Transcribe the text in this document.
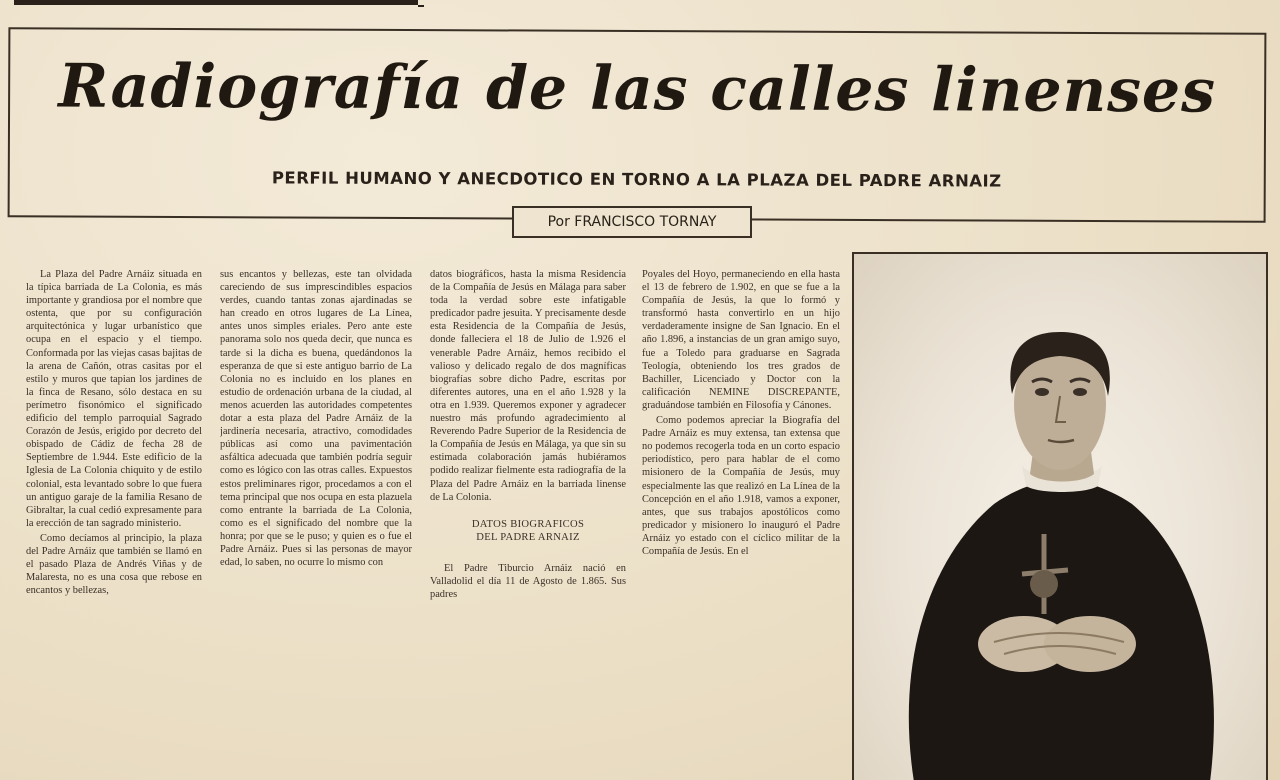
Radiografía de las calles linenses
PERFIL HUMANO Y ANECDOTICO EN TORNO A LA PLAZA DEL PADRE ARNAIZ
Por FRANCISCO TORNAY

La Plaza del Padre Arnáiz situada en la típica barriada de La Colonia, es más importante y grandiosa por el nombre que ostenta, que por su configuración arquitectónica y lugar urbanístico que ocupa en el espacio y el tiempo. Conformada por las viejas casas bajitas de la arena de Cañón, otras casitas por el estilo y muros que tapian los jardines de la finca de Resano, sólo destaca en su perímetro fisonómico el significado edificio del templo parroquial Sagrado Corazón de Jesús, erigido por decreto del obispado de Cádiz de fecha 28 de Septiembre de 1.944. Este edificio de la Iglesia de La Colonia chiquito y de estilo colonial, esta levantado sobre lo que fuera un antiguo garaje de la familia Resano de Gibraltar, la cual cedió expresamente para la erección de tan sagrado ministerio.

Como decíamos al principio, la plaza del Padre Arnáiz que también se llamó en el pasado Plaza de Andrés Viñas y de Malaresta, no es una cosa que rebose en encantos y bellezas,

sus encantos y bellezas, este tan olvidada careciendo de sus imprescindibles espacios verdes, cuando tantas zonas ajardinadas se han creado en otros lugares de La Línea, antes unos simples eriales. Pero ante este panorama solo nos queda decir, que nunca es tarde si la dicha es buena, quedándonos la esperanza de que si este antiguo barrio de La Colonia no es incluido en los planes en estudio de ordenación urbana de la ciudad, al menos acuerden las autoridades competentes dotar a esta plaza del Padre Arnáiz de la jardinería necesaria, atractivo, comodidades públicas así como una pavimentación asfáltica adecuada que también podría seguir como es lógico con las otras calles. Expuestos estos preliminares rigor, procedamos a con el tema principal que nos ocupa en esta plazuela como entrante la barriada de La Colonia, como es el significado del nombre que la honra; por que se le puso; y quien es o fue el Padre Arnáiz. Pues si las personas de mayor edad, lo saben, no ocurre lo mismo con

datos biográficos, hasta la misma Residencia de la Compañía de Jesús en Málaga para saber toda la verdad sobre este infatigable predicador padre jesuita. Y precisamente desde esta Residencia de la Compañía de Jesús, donde falleciera el 18 de Julio de 1.926 el venerable Padre Arnáiz, hemos recibido el valioso y delicado regalo de dos magníficas biografías sobre dicho Padre, escritas por diferentes autores, una en el año 1.928 y la otra en 1.939. Queremos exponer y agradecer nuestro más profundo agradecimiento al Reverendo Padre Superior de la Residencia de la Compañía de Jesús en Málaga, ya que sin su estimada colaboración jamás hubiéramos podido realizar fielmente esta radiografía de la Plaza del Padre Arnáiz en la barriada linense de La Colonia.

DATOS BIOGRAFICOS
DEL PADRE ARNAIZ

El Padre Tiburcio Arnáiz nació en Valladolid el día 11 de Agosto de 1.865. Sus padres

Poyales del Hoyo, permaneciendo en ella hasta el 13 de febrero de 1.902, en que se fue a la Compañía de Jesús, la que lo formó y transformó hasta convertirlo en un hijo verdaderamente insigne de San Ignacio. En el año 1.896, a instancias de un gran amigo suyo, fue a Toledo para graduarse en Sagrada Teología, obteniendo los tres grados de Bachiller, Licenciado y Doctor con la calificación NEMINE DISCREPANTE, graduándose también en Filosofía y Cánones.

Como podemos apreciar la Biografía del Padre Arnáiz es muy extensa, tan extensa que no podemos recogerla toda en un corto espacio periodístico, pero para hablar de el como misionero de la Compañía de Jesús, muy especialmente las que realizó en La Línea de la Concepción en el año 1.918, vamos a exponer, antes, que sus trabajos apostólicos como predicador y misionero lo inauguró el Padre Arnáiz yo estado con el cíclico militar de la Compañía de Jesús. En el
